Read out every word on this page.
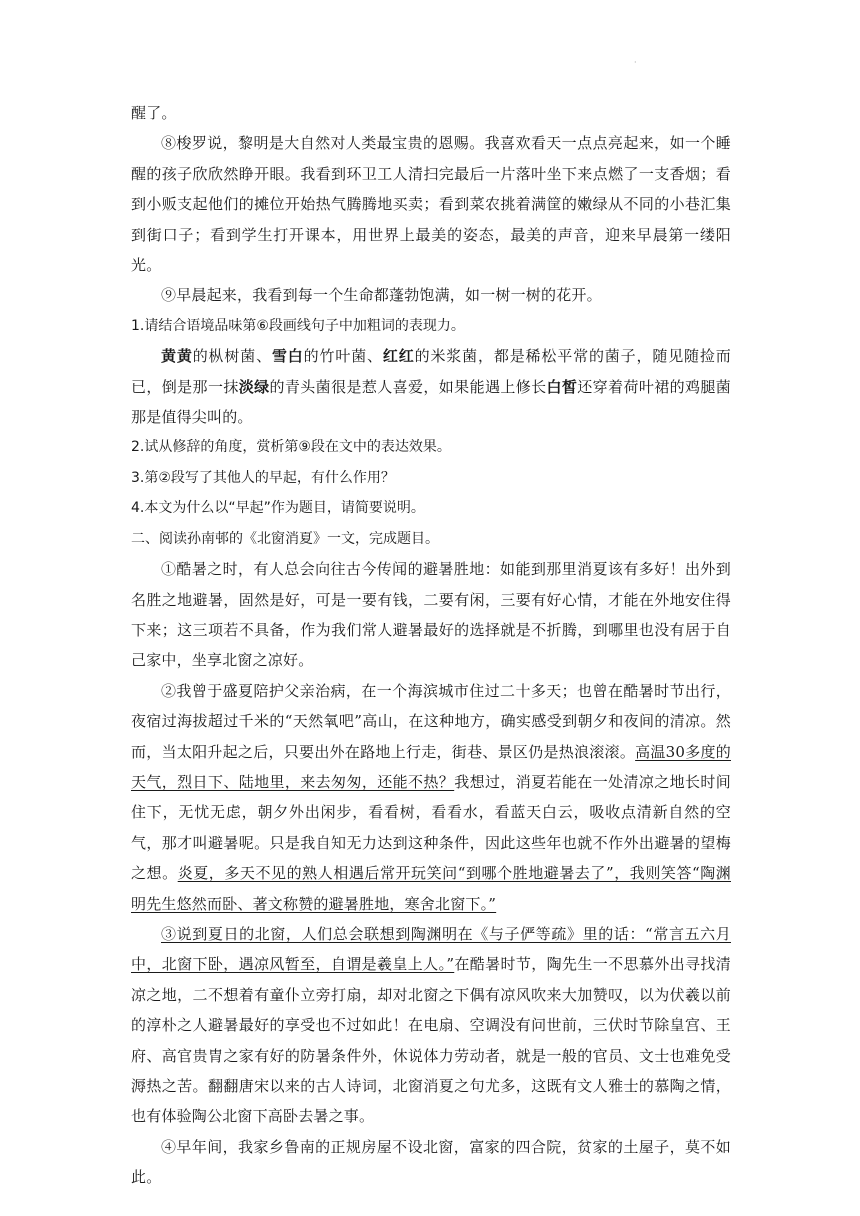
·

醒了。

⑧梭罗说，黎明是大自然对人类最宝贵的恩赐。我喜欢看天一点点亮起来，如一个睡醒的孩子欣欣然睁开眼。我看到环卫工人清扫完最后一片落叶坐下来点燃了一支香烟；看到小贩支起他们的摊位开始热气腾腾地买卖；看到菜农挑着满筐的嫩绿从不同的小巷汇集到街口子；看到学生打开课本，用世界上最美的姿态，最美的声音，迎来早晨第一缕阳光。

⑨早晨起来，我看到每一个生命都蓬勃饱满，如一树一树的花开。

1.请结合语境品味第⑥段画线句子中加粗词的表现力。

黄黄的枞树菌、雪白的竹叶菌、红红的米浆菌，都是稀松平常的菌子，随见随捡而已，倒是那一抹淡绿的青头菌很是惹人喜爱，如果能遇上修长白皙还穿着荷叶裙的鸡腿菌那是值得尖叫的。

2.试从修辞的角度，赏析第⑨段在文中的表达效果。

3.第②段写了其他人的早起，有什么作用？

4.本文为什么以“早起”作为题目，请简要说明。

二、阅读孙南邨的《北窗消夏》一文，完成题目。

①酷暑之时，有人总会向往古今传闻的避暑胜地：如能到那里消夏该有多好！出外到名胜之地避暑，固然是好，可是一要有钱，二要有闲，三要有好心情，才能在外地安住得下来；这三项若不具备，作为我们常人避暑最好的选择就是不折腾，到哪里也没有居于自己家中，坐享北窗之凉好。

②我曾于盛夏陪护父亲治病，在一个海滨城市住过二十多天；也曾在酷暑时节出行，夜宿过海拔超过千米的“天然氧吧”高山，在这种地方，确实感受到朝夕和夜间的清凉。然而，当太阳升起之后，只要出外在路地上行走，街巷、景区仍是热浪滚滚。高温30多度的天气，烈日下、陆地里，来去匆匆，还能不热？我想过，消夏若能在一处清凉之地长时间住下，无忧无虑，朝夕外出闲步，看看树，看看水，看蓝天白云，吸收点清新自然的空气，那才叫避暑呢。只是我自知无力达到这种条件，因此这些年也就不作外出避暑的望梅之想。炎夏，多天不见的熟人相遇后常开玩笑问“到哪个胜地避暑去了”，我则笑答“陶渊明先生悠然而卧、著文称赞的避暑胜地，寒舍北窗下。”

③说到夏日的北窗，人们总会联想到陶渊明在《与子俨等疏》里的话：“常言五六月中，北窗下卧，遇凉风暂至，自谓是羲皇上人。”在酷暑时节，陶先生一不思慕外出寻找清凉之地，二不想着有童仆立旁打扇，却对北窗之下偶有凉风吹来大加赞叹，以为伏羲以前的淳朴之人避暑最好的享受也不过如此！在电扇、空调没有问世前，三伏时节除皇宫、王府、高官贵胄之家有好的防暑条件外，休说体力劳动者，就是一般的官员、文士也难免受溽热之苦。翻翻唐宋以来的古人诗词，北窗消夏之句尤多，这既有文人雅士的慕陶之情，也有体验陶公北窗下高卧去暑之事。

④早年间，我家乡鲁南的正规房屋不设北窗，富家的四合院，贫家的土屋子，莫不如此。
